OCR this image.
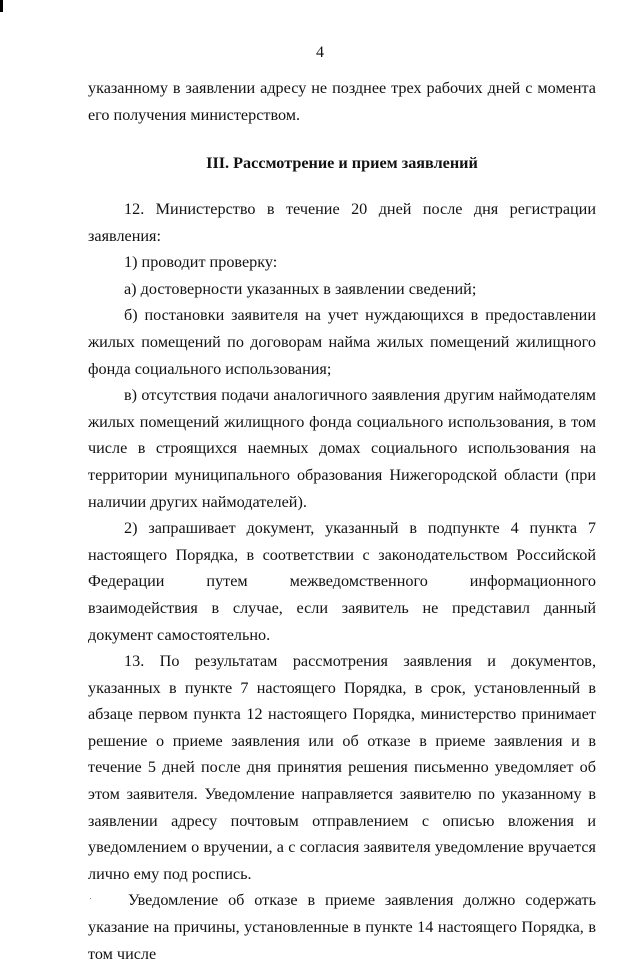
4

указанному в заявлении адресу не позднее трех рабочих дней с момента его получения министерством.

III. Рассмотрение и прием заявлений

12. Министерство в течение 20 дней после дня регистрации заявления:

1) проводит проверку:

а) достоверности указанных в заявлении сведений;

б) постановки заявителя на учет нуждающихся в предоставлении жилых помещений по договорам найма жилых помещений жилищного фонда социального использования;

в) отсутствия подачи аналогичного заявления другим наймодателям жилых помещений жилищного фонда социального использования, в том числе в строящихся наемных домах социального использования на территории муниципального образования Нижегородской области (при наличии других наймодателей).

2) запрашивает документ, указанный в подпункте 4 пункта 7 настоящего Порядка, в соответствии с законодательством Российской Федерации путем межведомственного информационного взаимодействия в случае, если заявитель не представил данный документ самостоятельно.

13. По результатам рассмотрения заявления и документов, указанных в пункте 7 настоящего Порядка, в срок, установленный в абзаце первом пункта 12 настоящего Порядка, министерство принимает решение о приеме заявления или об отказе в приеме заявления и в течение 5 дней после дня принятия решения письменно уведомляет об этом заявителя. Уведомление направляется заявителю по указанному в заявлении адресу почтовым отправлением с описью вложения и уведомлением о вручении, а с согласия заявителя уведомление вручается лично ему под роспись.

Уведомление об отказе в приеме заявления должно содержать указание на причины, установленные в пункте 14 настоящего Порядка, в том числе
